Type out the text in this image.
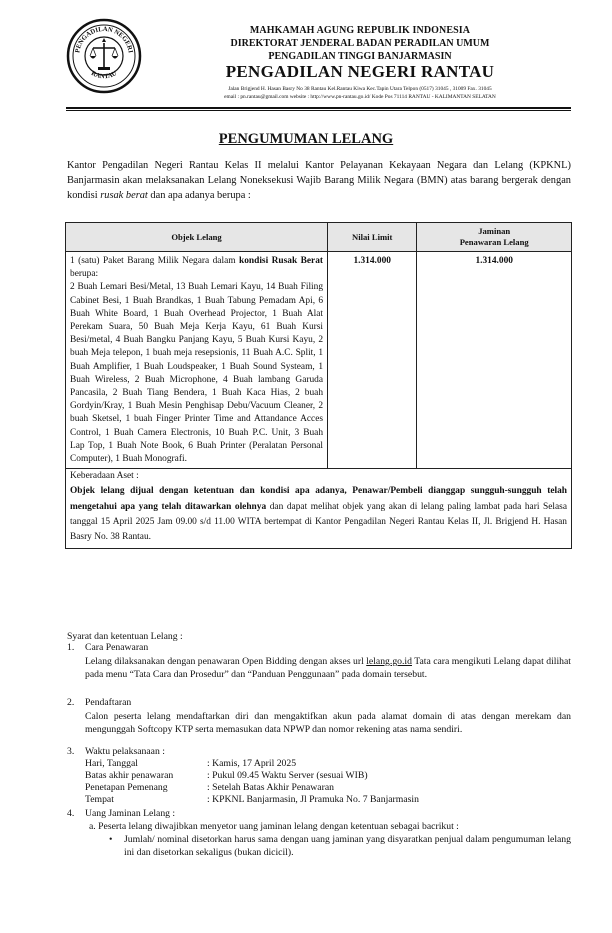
PENGADILAN NEGERI
RANTAU
MAHKAMAH AGUNG REPUBLIK INDONESIA
DIREKTORAT JENDERAL BADAN PERADILAN UMUM
PENGADILAN TINGGI BANJARMASIN
PENGADILAN NEGERI RANTAU
Jalan Brigjend H. Hasan Basry No 38 Rantau Kel.Rantau Kiwa Kec.Tapin Utara Telpon (0517) 31045 , 31009 Fax. 31045
email : pn.rantau@gmail.com website : http://www.pn-rantau.go.id/ Kode Pos 71114 RANTAU - KALIMANTAN SELATAN
PENGUMUMAN LELANG
Kantor Pengadilan Negeri Rantau Kelas II melalui Kantor Pelayanan Kekayaan Negara dan Lelang (KPKNL) Banjarmasin akan melaksanakan Lelang Noneksekusi Wajib Barang Milik Negara (BMN) atas barang bergerak dengan kondisi rusak berat dan apa adanya berupa :
Objek Lelang	Nilai Limit	Jaminan
Penawaran Lelang
1 (satu) Paket Barang Milik Negara dalam kondisi Rusak Berat berupa:
2 Buah Lemari Besi/Metal, 13 Buah Lemari Kayu, 14 Buah Filing Cabinet Besi, 1 Buah Brandkas, 1 Buah Tabung Pemadam Api, 6 Buah White Board, 1 Buah Overhead Projector, 1 Buah Alat Perekam Suara, 50 Buah Meja Kerja Kayu, 61 Buah Kursi Besi/metal, 4 Buah Bangku Panjang Kayu, 5 Buah Kursi Kayu, 2 buah Meja telepon, 1 buah meja resepsionis, 11 Buah A.C. Split, 1 Buah Amplifier, 1 Buah Loudspeaker, 1 Buah Sound Systeam, 1 Buah Wireless, 2 Buah Microphone, 4 Buah lambang Garuda Pancasila, 2 Buah Tiang Bendera, 1 Buah Kaca Hias, 2 buah Gordyin/Kray, 1 Buah Mesin Penghisap Debu/Vacuum Cleaner, 2 buah Sketsel, 1 buah Finger Printer Time and Attandance Acces Control, 1 Buah Camera Electronis, 10 Buah P.C. Unit, 3 Buah Lap Top, 1 Buah Note Book, 6 Buah Printer (Peralatan Personal Computer), 1 Buah Monografi.	1.314.000	1.314.000
Keberadaan Aset :
Objek lelang dijual dengan ketentuan dan kondisi apa adanya, Penawar/Pembeli dianggap sungguh-sungguh telah mengetahui apa yang telah ditawarkan olehnya dan dapat melihat objek yang akan di lelang paling lambat pada hari Selasa tanggal 15 April 2025 Jam 09.00 s/d 11.00 WITA bertempat di Kantor Pengadilan Negeri Rantau Kelas II, Jl. Brigjend H. Hasan Basry No. 38 Rantau.		
Syarat dan ketentuan Lelang :
1. Cara Penawaran
Lelang dilaksanakan dengan penawaran Open Bidding dengan akses url lelang.go.id Tata cara mengikuti Lelang dapat dilihat pada menu “Tata Cara dan Prosedur” dan “Panduan Penggunaan” pada domain tersebut.
2. Pendaftaran
Calon peserta lelang mendaftarkan diri dan mengaktifkan akun pada alamat domain di atas dengan merekam dan mengunggah Softcopy KTP serta memasukan data NPWP dan nomor rekening atas nama sendiri.
3. Waktu pelaksanaan :
Hari, Tanggal	: Kamis, 17 April 2025
Batas akhir penawaran	: Pukul 09.45 Waktu Server (sesuai WIB)
Penetapan Pemenang	: Setelah Batas Akhir Penawaran
Tempat	: KPKNL Banjarmasin, Jl Pramuka No. 7 Banjarmasin
4. Uang Jaminan Lelang :
a. Peserta lelang diwajibkan menyetor uang jaminan lelang dengan ketentuan sebagai bacrikut :
• Jumlah/ nominal disetorkan harus sama dengan uang jaminan yang disyaratkan penjual dalam pengumuman lelang ini dan disetorkan sekaligus (bukan dicicil).
